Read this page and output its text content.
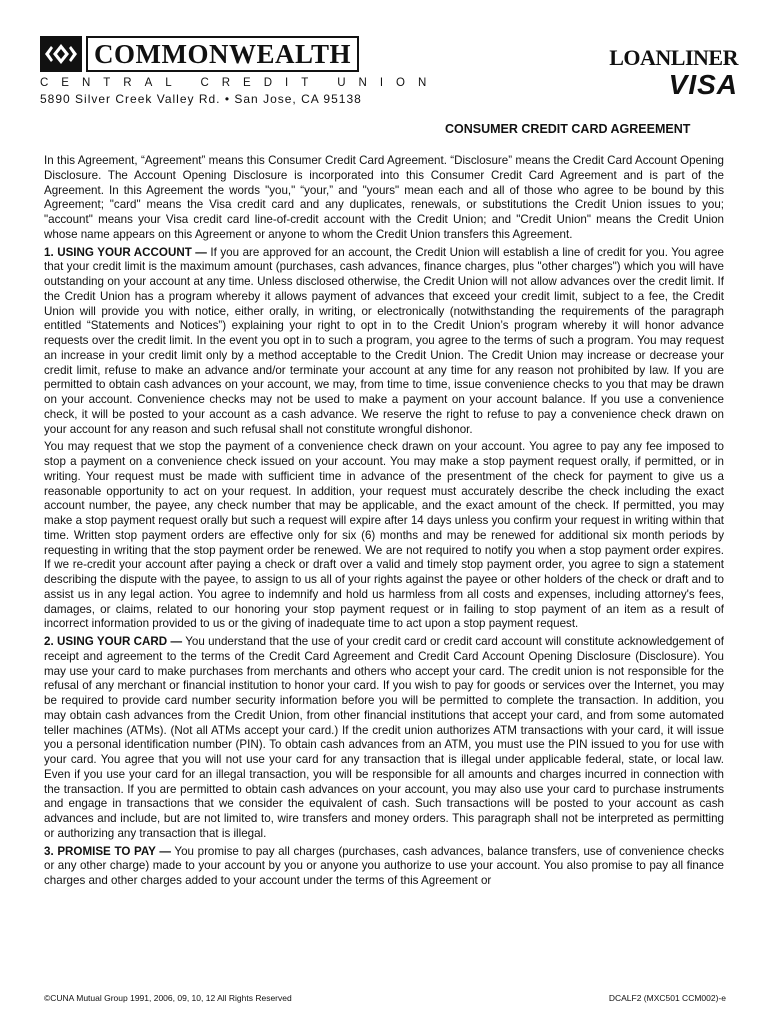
COMMONWEALTH
CENTRAL CREDIT UNION
5890 Silver Creek Valley Rd. • San Jose, CA 95138
LOANLINER
VISA
CONSUMER CREDIT CARD AGREEMENT

In this Agreement, “Agreement” means this Consumer Credit Card Agreement. “Disclosure” means the Credit Card Account Opening Disclosure. The Account Opening Disclosure is incorporated into this Consumer Credit Card Agreement and is part of the Agreement. In this Agreement the words "you," “your,” and "yours" mean each and all of those who agree to be bound by this Agreement; "card" means the Visa credit card and any duplicates, renewals, or substitutions the Credit Union issues to you; "account" means your Visa credit card line-of-credit account with the Credit Union; and "Credit Union" means the Credit Union whose name appears on this Agreement or anyone to whom the Credit Union transfers this Agreement.

1. USING YOUR ACCOUNT — If you are approved for an account, the Credit Union will establish a line of credit for you. You agree that your credit limit is the maximum amount (purchases, cash advances, finance charges, plus "other charges") which you will have outstanding on your account at any time. Unless disclosed otherwise, the Credit Union will not allow advances over the credit limit. If the Credit Union has a program whereby it allows payment of advances that exceed your credit limit, subject to a fee, the Credit Union will provide you with notice, either orally, in writing, or electronically (notwithstanding the requirements of the paragraph entitled “Statements and Notices”) explaining your right to opt in to the Credit Union’s program whereby it will honor advance requests over the credit limit. In the event you opt in to such a program, you agree to the terms of such a program. You may request an increase in your credit limit only by a method acceptable to the Credit Union. The Credit Union may increase or decrease your credit limit, refuse to make an advance and/or terminate your account at any time for any reason not prohibited by law. If you are permitted to obtain cash advances on your account, we may, from time to time, issue convenience checks to you that may be drawn on your account. Convenience checks may not be used to make a payment on your account balance. If you use a convenience check, it will be posted to your account as a cash advance. We reserve the right to refuse to pay a convenience check drawn on your account for any reason and such refusal shall not constitute wrongful dishonor.

You may request that we stop the payment of a convenience check drawn on your account. You agree to pay any fee imposed to stop a payment on a convenience check issued on your account. You may make a stop payment request orally, if permitted, or in writing. Your request must be made with sufficient time in advance of the presentment of the check for payment to give us a reasonable opportunity to act on your request. In addition, your request must accurately describe the check including the exact account number, the payee, any check number that may be applicable, and the exact amount of the check. If permitted, you may make a stop payment request orally but such a request will expire after 14 days unless you confirm your request in writing within that time. Written stop payment orders are effective only for six (6) months and may be renewed for additional six month periods by requesting in writing that the stop payment order be renewed. We are not required to notify you when a stop payment order expires. If we re-credit your account after paying a check or draft over a valid and timely stop payment order, you agree to sign a statement describing the dispute with the payee, to assign to us all of your rights against the payee or other holders of the check or draft and to assist us in any legal action. You agree to indemnify and hold us harmless from all costs and expenses, including attorney's fees, damages, or claims, related to our honoring your stop payment request or in failing to stop payment of an item as a result of incorrect information provided to us or the giving of inadequate time to act upon a stop payment request.

2. USING YOUR CARD — You understand that the use of your credit card or credit card account will constitute acknowledgement of receipt and agreement to the terms of the Credit Card Agreement and Credit Card Account Opening Disclosure (Disclosure). You may use your card to make purchases from merchants and others who accept your card. The credit union is not responsible for the refusal of any merchant or financial institution to honor your card. If you wish to pay for goods or services over the Internet, you may be required to provide card number security information before you will be permitted to complete the transaction. In addition, you may obtain cash advances from the Credit Union, from other financial institutions that accept your card, and from some automated teller machines (ATMs). (Not all ATMs accept your card.) If the credit union authorizes ATM transactions with your card, it will issue you a personal identification number (PIN). To obtain cash advances from an ATM, you must use the PIN issued to you for use with your card. You agree that you will not use your card for any transaction that is illegal under applicable federal, state, or local law. Even if you use your card for an illegal transaction, you will be responsible for all amounts and charges incurred in connection with the transaction. If you are permitted to obtain cash advances on your account, you may also use your card to purchase instruments and engage in transactions that we consider the equivalent of cash. Such transactions will be posted to your account as cash advances and include, but are not limited to, wire transfers and money orders. This paragraph shall not be interpreted as permitting or authorizing any transaction that is illegal.

3. PROMISE TO PAY — You promise to pay all charges (purchases, cash advances, balance transfers, use of convenience checks or any other charge) made to your account by you or anyone you authorize to use your account. You also promise to pay all finance charges and other charges added to your account under the terms of this Agreement or

©CUNA Mutual Group 1991, 2006, 09, 10, 12 All Rights Reserved	DCALF2 (MXC501 CCM002)-e
